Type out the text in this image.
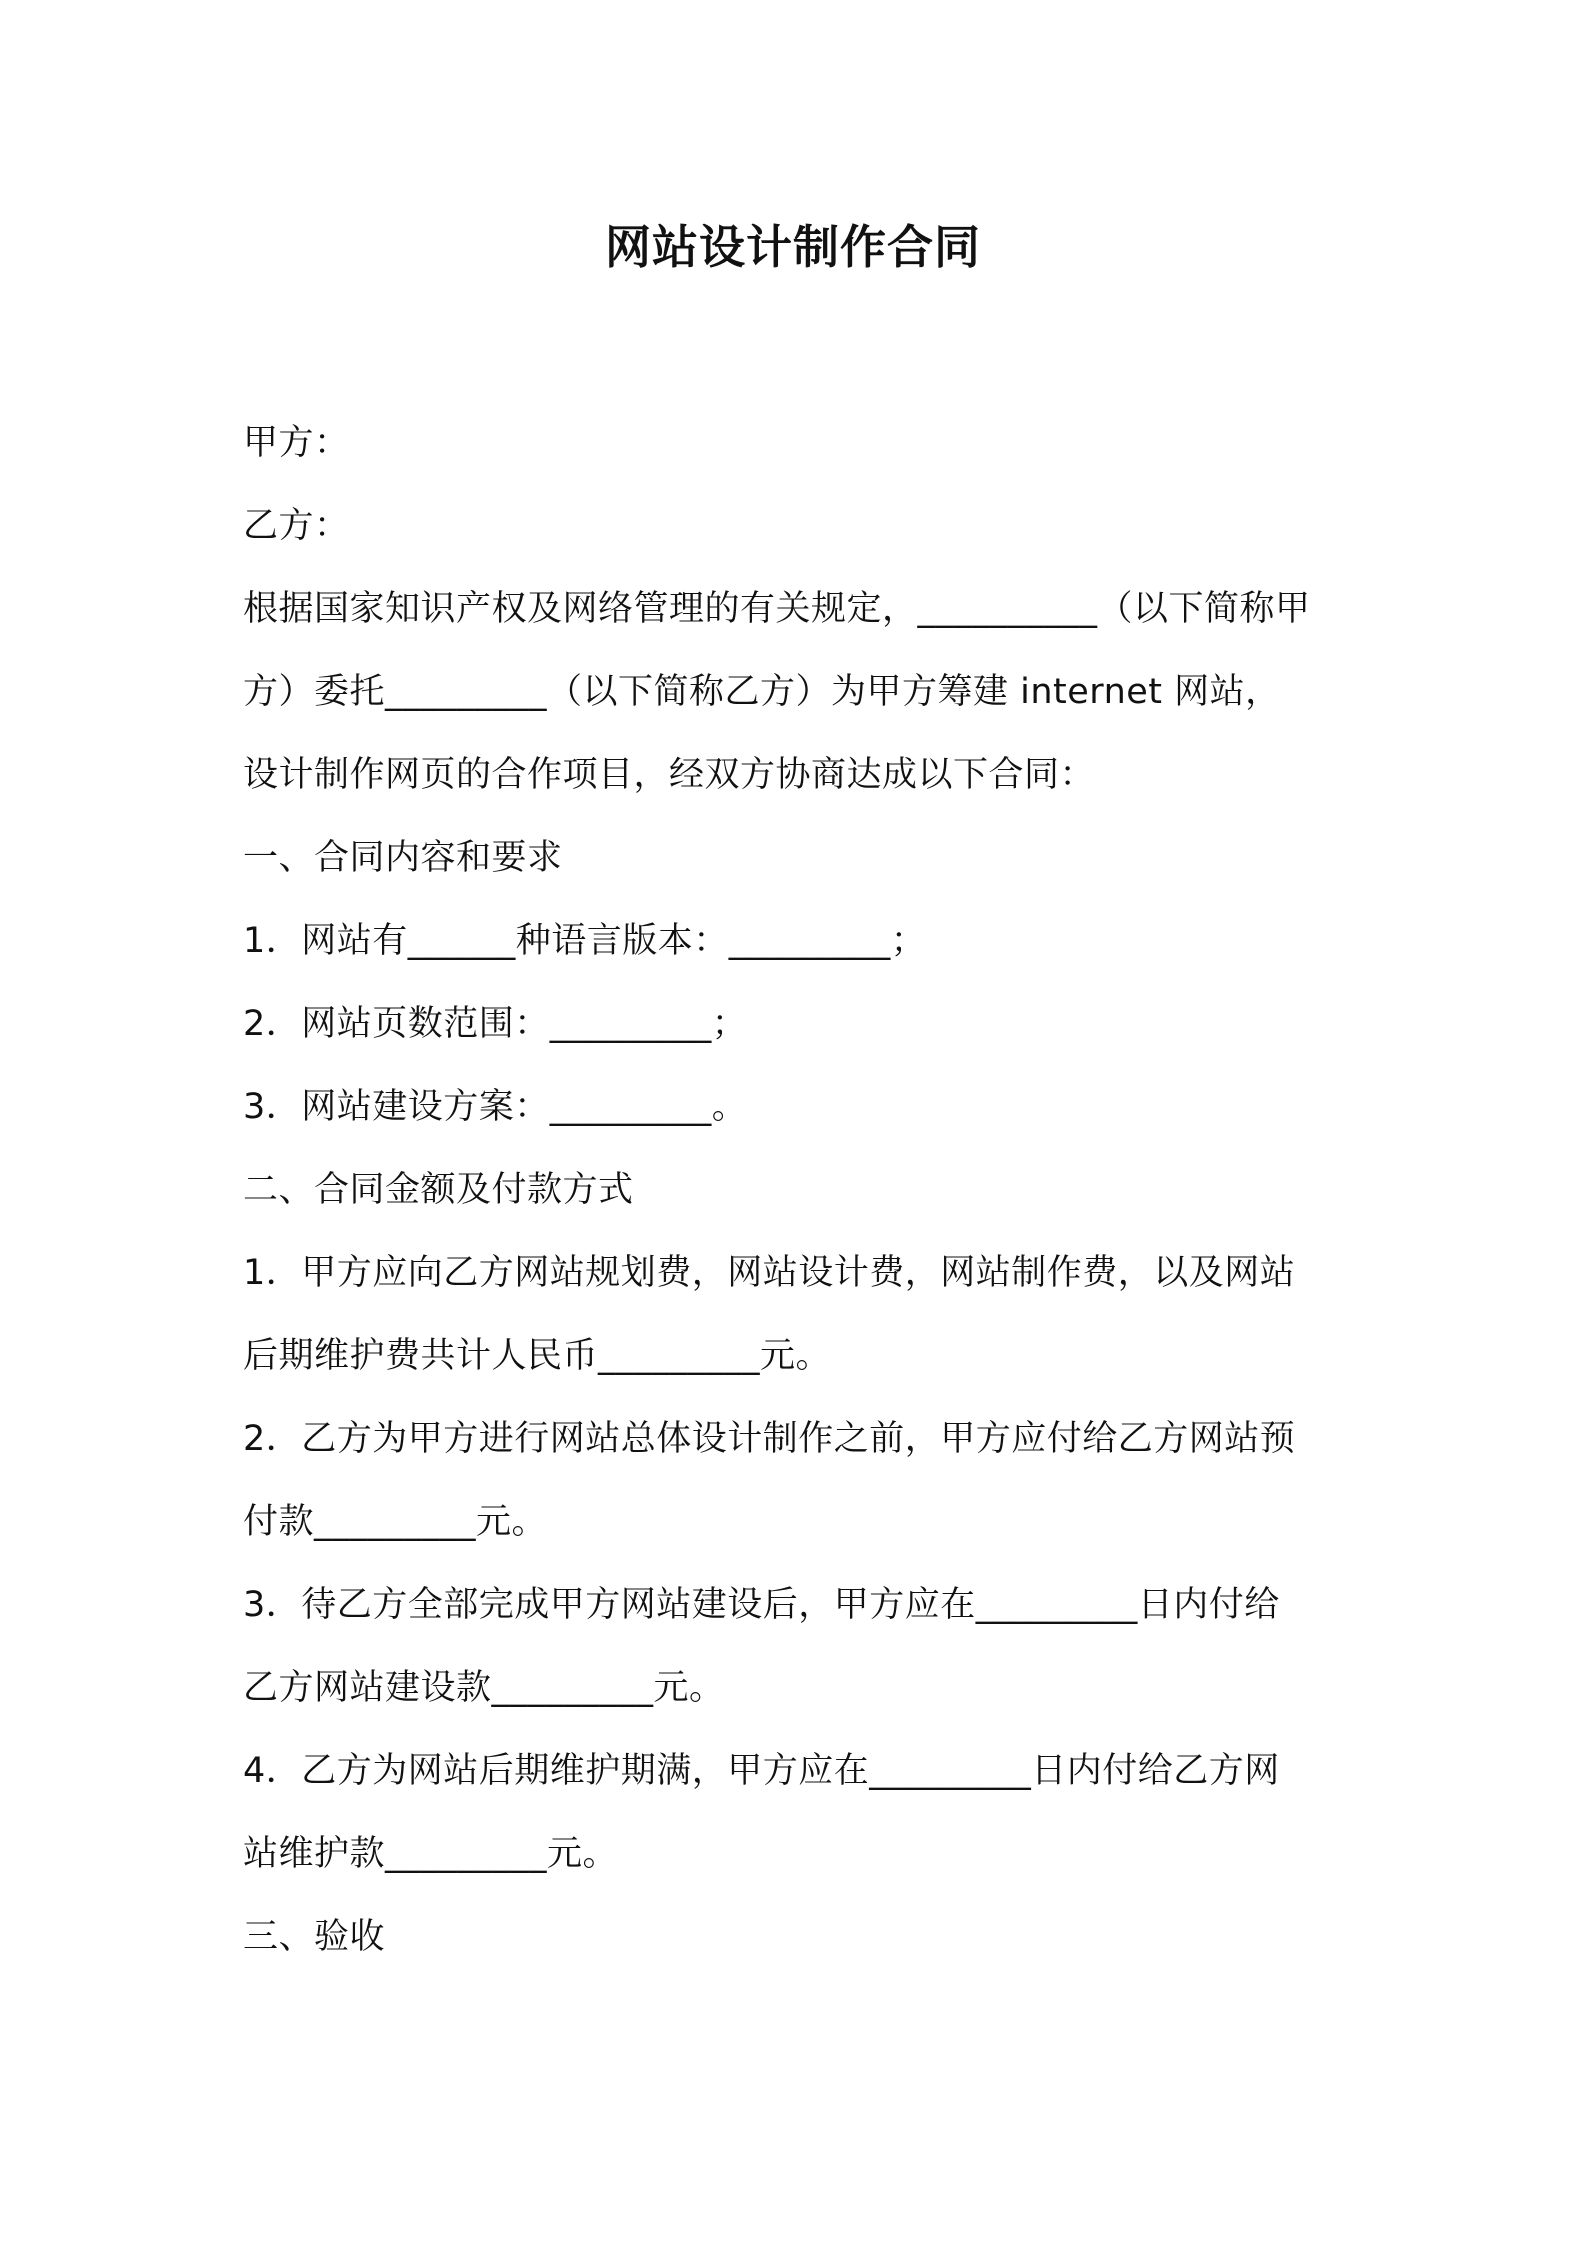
网站设计制作合同
甲方：
乙方：
根据国家知识产权及网络管理的有关规定，__________（以下简称甲
方）委托_________（以下简称乙方）为甲方筹建 internet 网站，
设计制作网页的合作项目，经双方协商达成以下合同：
一、合同内容和要求
1．网站有______种语言版本：_________；
2．网站页数范围：_________；
3．网站建设方案：_________。
二、合同金额及付款方式
1．甲方应向乙方网站规划费，网站设计费，网站制作费，以及网站
后期维护费共计人民币_________元。
2．乙方为甲方进行网站总体设计制作之前，甲方应付给乙方网站预
付款_________元。
3．待乙方全部完成甲方网站建设后，甲方应在_________日内付给
乙方网站建设款_________元。
4．乙方为网站后期维护期满，甲方应在_________日内付给乙方网
站维护款_________元。
三、验收
